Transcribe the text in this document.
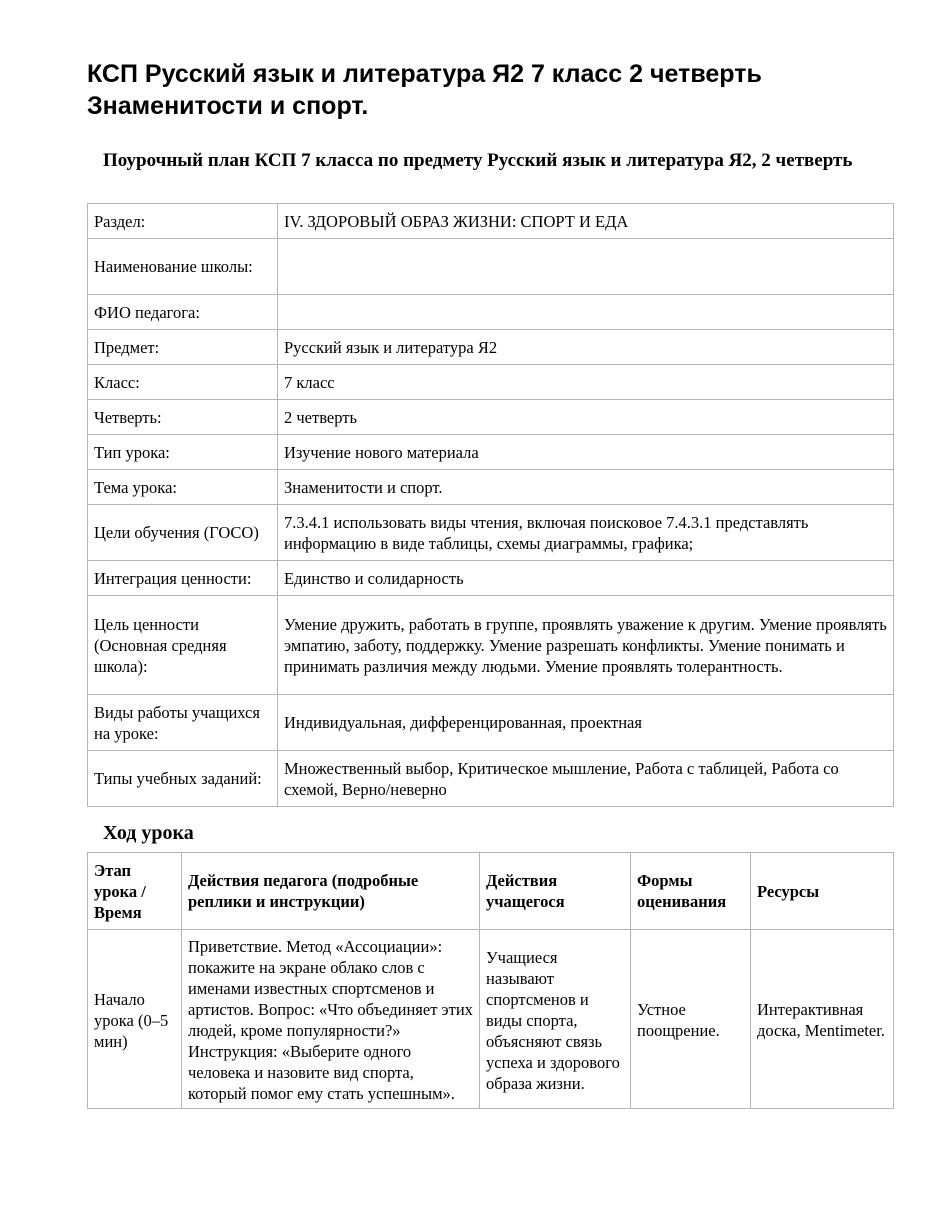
КСП Русский язык и литература Я2 7 класс 2 четверть Знаменитости и спорт.
Поурочный план КСП 7 класса по предмету Русский язык и литература Я2, 2 четверть
Раздел:	IV. ЗДОРОВЫЙ ОБРАЗ ЖИЗНИ: СПОРТ И ЕДА
Наименование школы:	
ФИО педагога:	
Предмет:	Русский язык и литература Я2
Класс:	7 класс
Четверть:	2 четверть
Тип урока:	Изучение нового материала
Тема урока:	Знаменитости и спорт.
Цели обучения (ГОСО)	7.3.4.1 использовать виды чтения, включая поисковое 7.4.3.1 представлять информацию в виде таблицы, схемы диаграммы, графика;
Интеграция ценности:	Единство и солидарность
Цель ценности (Основная средняя школа):	Умение дружить, работать в группе, проявлять уважение к другим. Умение проявлять эмпатию, заботу, поддержку. Умение разрешать конфликты. Умение понимать и принимать различия между людьми. Умение проявлять толерантность.
Виды работы учащихся на уроке:	Индивидуальная, дифференцированная, проектная
Типы учебных заданий:	Множественный выбор, Критическое мышление, Работа с таблицей, Работа со схемой, Верно/неверно
Ход урока
Этап урока / Время	Действия педагога (подробные реплики и инструкции)	Действия учащегося	Формы оценивания	Ресурсы
Начало урока (0–5 мин)	Приветствие. Метод «Ассоциации»: покажите на экране облако слов с именами известных спортсменов и артистов. Вопрос: «Что объединяет этих людей, кроме популярности?» Инструкция: «Выберите одного человека и назовите вид спорта, который помог ему стать успешным».	Учащиеся называют спортсменов и виды спорта, объясняют связь успеха и здорового образа жизни.	Устное поощрение.	Интерактивная доска, Mentimeter.
